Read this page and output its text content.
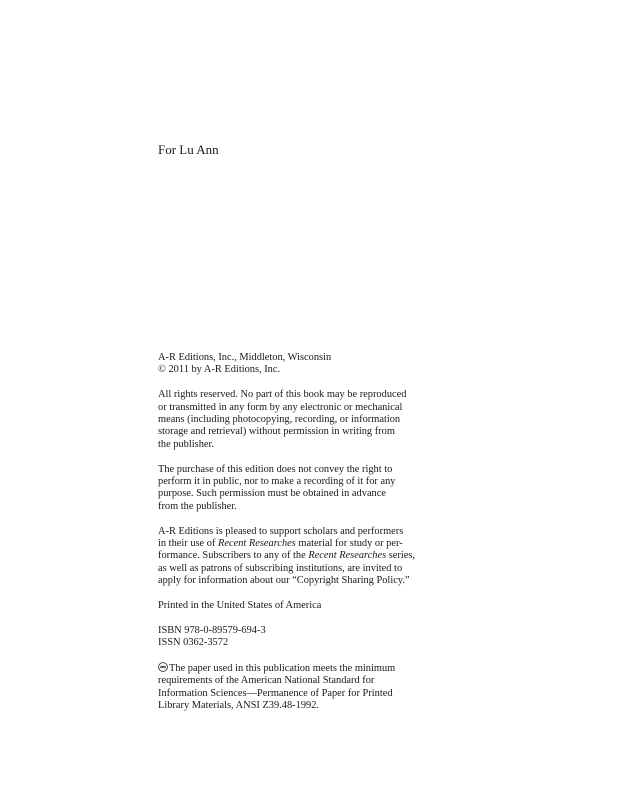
For Lu Ann

A-R Editions, Inc., Middleton, Wisconsin
© 2011 by A-R Editions, Inc.

All rights reserved. No part of this book may be reproduced
or transmitted in any form by any electronic or mechanical
means (including photocopying, recording, or information
storage and retrieval) without permission in writing from
the publisher.

The purchase of this edition does not convey the right to
perform it in public, nor to make a recording of it for any
purpose. Such permission must be obtained in advance
from the publisher.

A-R Editions is pleased to support scholars and performers
in their use of Recent Researches material for study or per-
formance. Subscribers to any of the Recent Researches series,
as well as patrons of subscribing institutions, are invited to
apply for information about our “Copyright Sharing Policy.”

Printed in the United States of America

ISBN 978-0-89579-694-3
ISSN 0362-3572

The paper used in this publication meets the minimum
requirements of the American National Standard for
Information Sciences—Permanence of Paper for Printed
Library Materials, ANSI Z39.48-1992.
